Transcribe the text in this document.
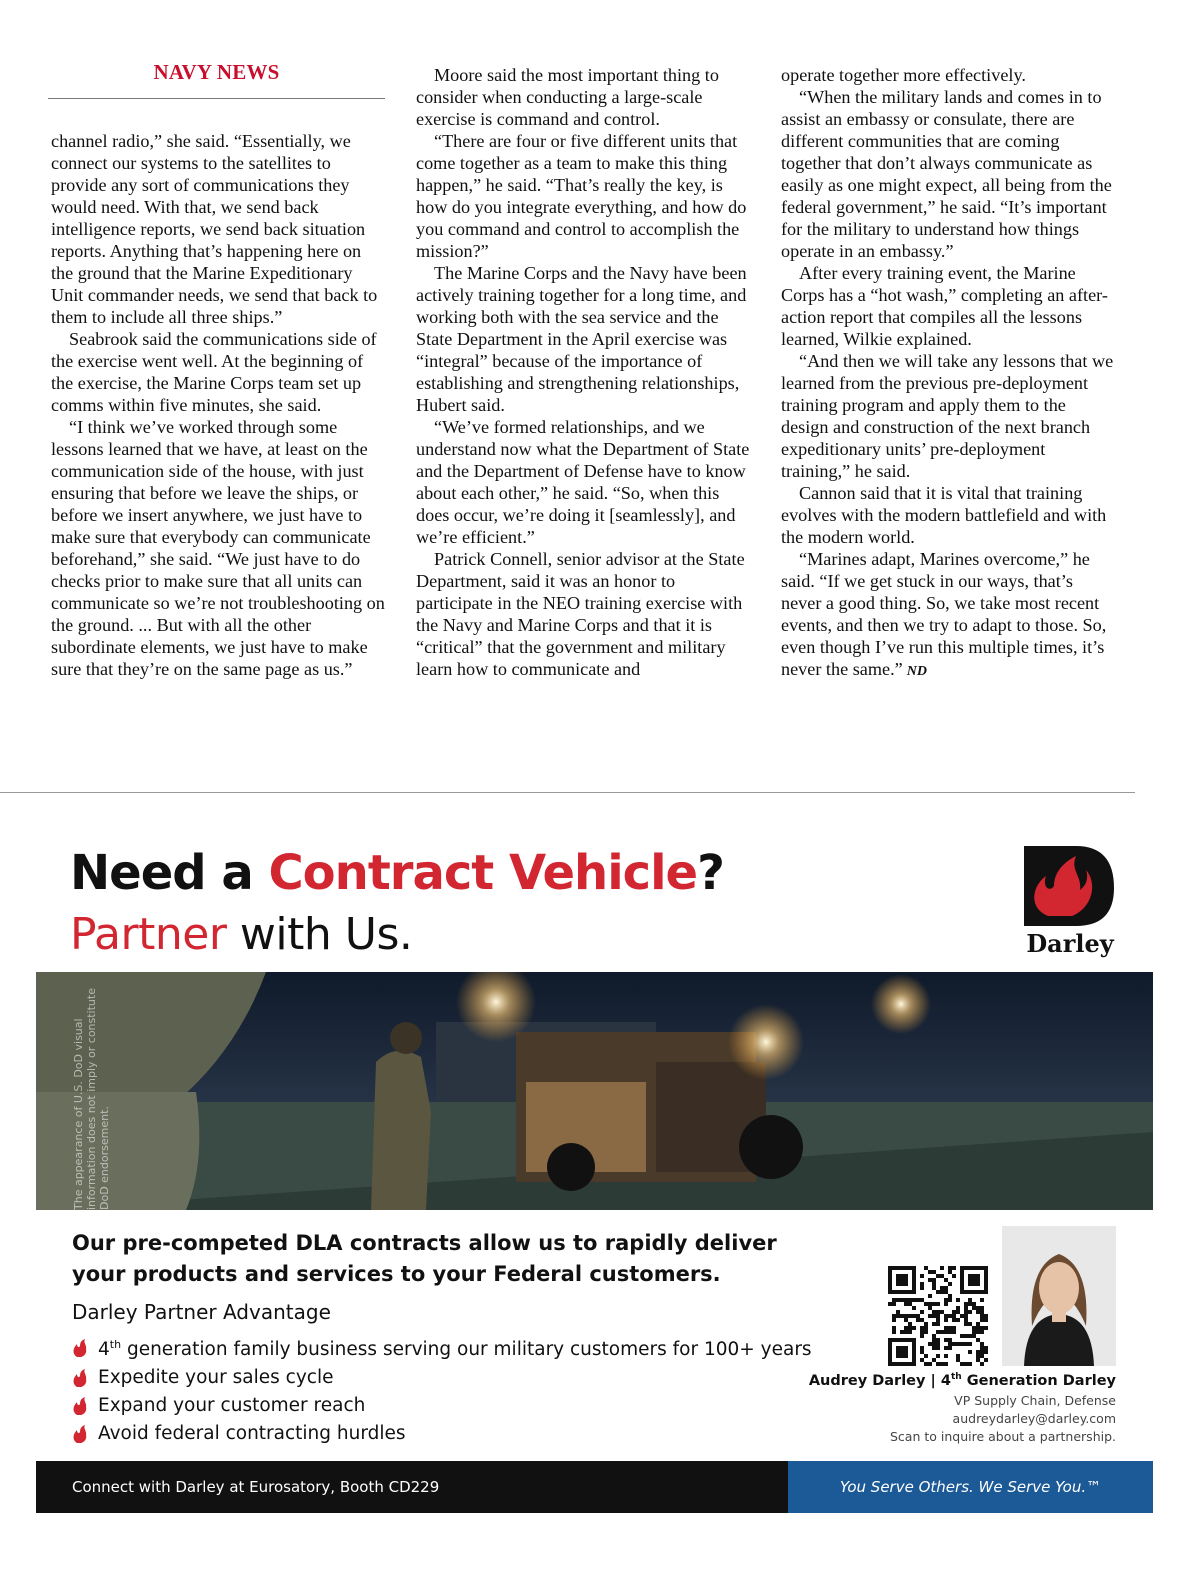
NAVY NEWS

channel radio,” she said. “Essentially, we connect our systems to the satellites to provide any sort of communications they would need. With that, we send back intelligence reports, we send back situation reports. Anything that’s happening here on the ground that the Marine Expeditionary Unit commander needs, we send that back to them to include all three ships.”

Seabrook said the communications side of the exercise went well. At the beginning of the exercise, the Marine Corps team set up comms within five minutes, she said.

“I think we’ve worked through some lessons learned that we have, at least on the communication side of the house, with just ensuring that before we leave the ships, or before we insert anywhere, we just have to make sure that everybody can communicate beforehand,” she said. “We just have to do checks prior to make sure that all units can communicate so we’re not troubleshooting on the ground. ... But with all the other subordinate elements, we just have to make sure that they’re on the same page as us.”

Moore said the most important thing to consider when conducting a large-scale exercise is command and control.

“There are four or five different units that come together as a team to make this thing happen,” he said. “That’s really the key, is how do you integrate everything, and how do you command and control to accomplish the mission?”

The Marine Corps and the Navy have been actively training together for a long time, and working both with the sea service and the State Department in the April exercise was “integral” because of the importance of establishing and strengthening relationships, Hubert said.

“We’ve formed relationships, and we understand now what the Department of State and the Department of Defense have to know about each other,” he said. “So, when this does occur, we’re doing it [seamlessly], and we’re efficient.”

Patrick Connell, senior advisor at the State Department, said it was an honor to participate in the NEO training exercise with the Navy and Marine Corps and that it is “critical” that the government and military learn how to communicate and

operate together more effectively.

“When the military lands and comes in to assist an embassy or consulate, there are different communities that are coming together that don’t always communicate as easily as one might expect, all being from the federal government,” he said. “It’s important for the military to understand how things operate in an embassy.”

After every training event, the Marine Corps has a “hot wash,” completing an after-action report that compiles all the lessons learned, Wilkie explained.

“And then we will take any lessons that we learned from the previous pre-deployment training program and apply them to the design and construction of the next branch expeditionary units’ pre-deployment training,” he said.

Cannon said that it is vital that training evolves with the modern battlefield and with the modern world.

“Marines adapt, Marines overcome,” he said. “If we get stuck in our ways, that’s never a good thing. So, we take most recent events, and then we try to adapt to those. So, even though I’ve run this multiple times, it’s never the same.” ND

Need a Contract Vehicle?
Partner with Us.	Darley
The appearance of U.S. DoD visual information does not imply or constitute DoD endorsement.

Our pre-competed DLA contracts allow us to rapidly deliver your products and services to your Federal customers.

Darley Partner Advantage

4th generation family business serving our military customers for 100+ years
Expedite your sales cycle
Expand your customer reach
Avoid federal contracting hurdles

Audrey Darley | 4th Generation Darley

VP Supply Chain, Defense

audreydarley@darley.com

Scan to inquire about a partnership.

Connect with Darley at Eurosatory, Booth CD229	You Serve Others. We Serve You.™
